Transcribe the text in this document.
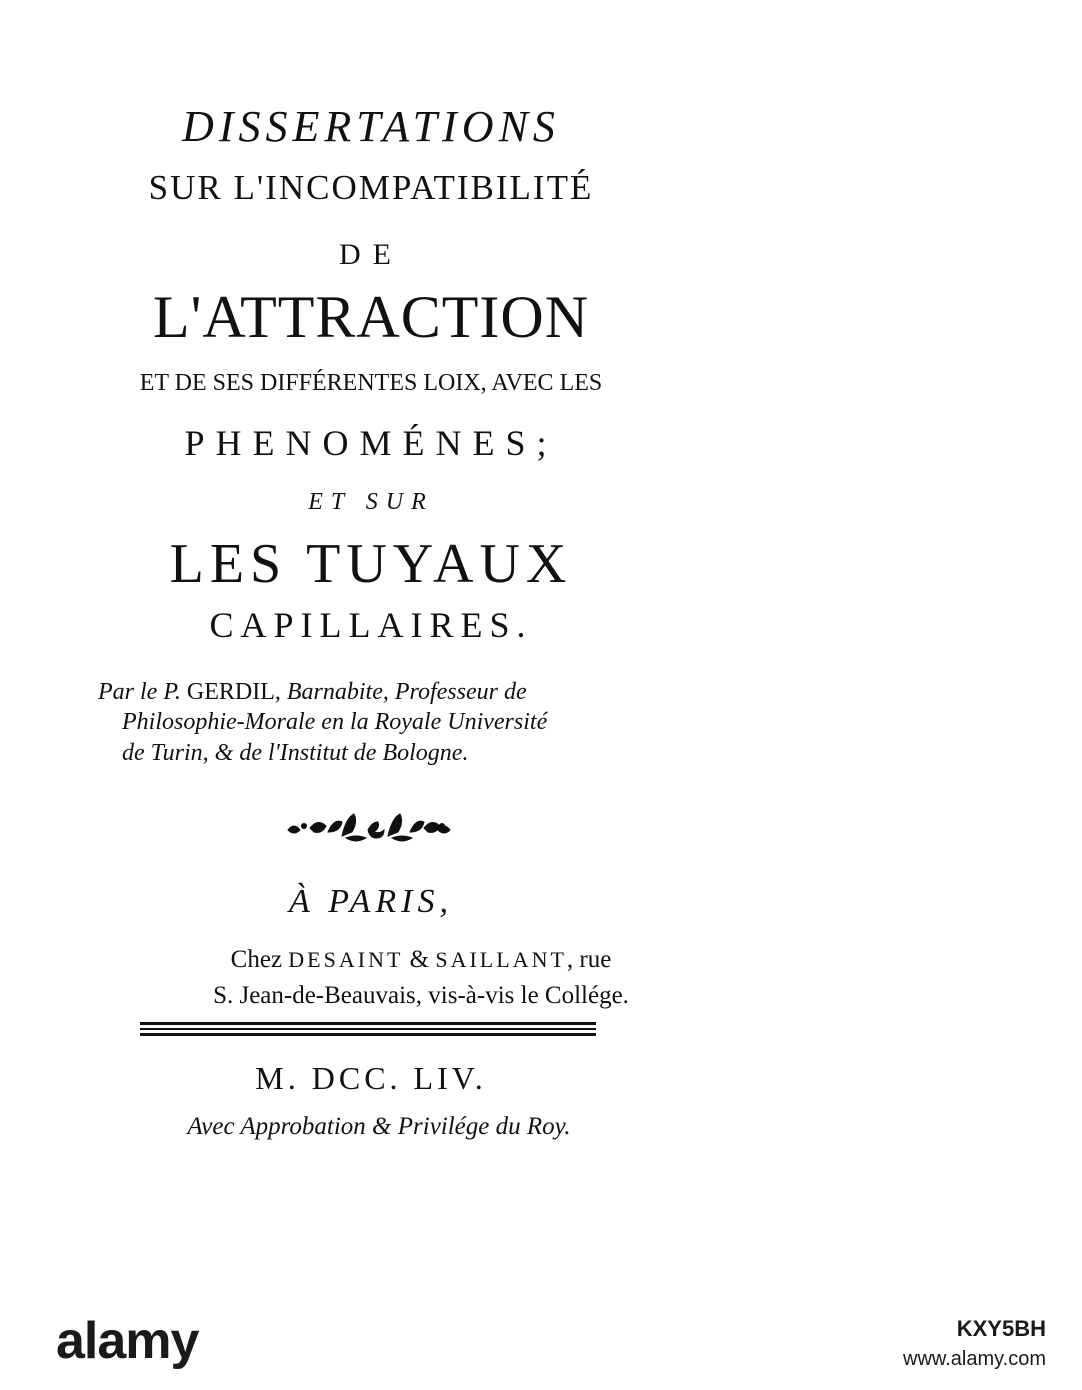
DISSERTATIONS
SUR L'INCOMPATIBILITÉ
DE
L'ATTRACTION
ET DE SES DIFFÉRENTES LOIX, AVEC LES
PHENOMÉNES;
ET SUR
LES TUYAUX
CAPILLAIRES.
Par le P. GERDIL, Barnabite, Professeur de
Philosophie-Morale en la Royale Université
de Turin, & de l'Institut de Bologne.
À PARIS,
Chez DESAINT & SAILLANT, rue
S. Jean-de-Beauvais, vis-à-vis le Collége.
M. DCC. LIV.
Avec Approbation & Privilége du Roy.
alamy	KXY5BH
www.alamy.com
